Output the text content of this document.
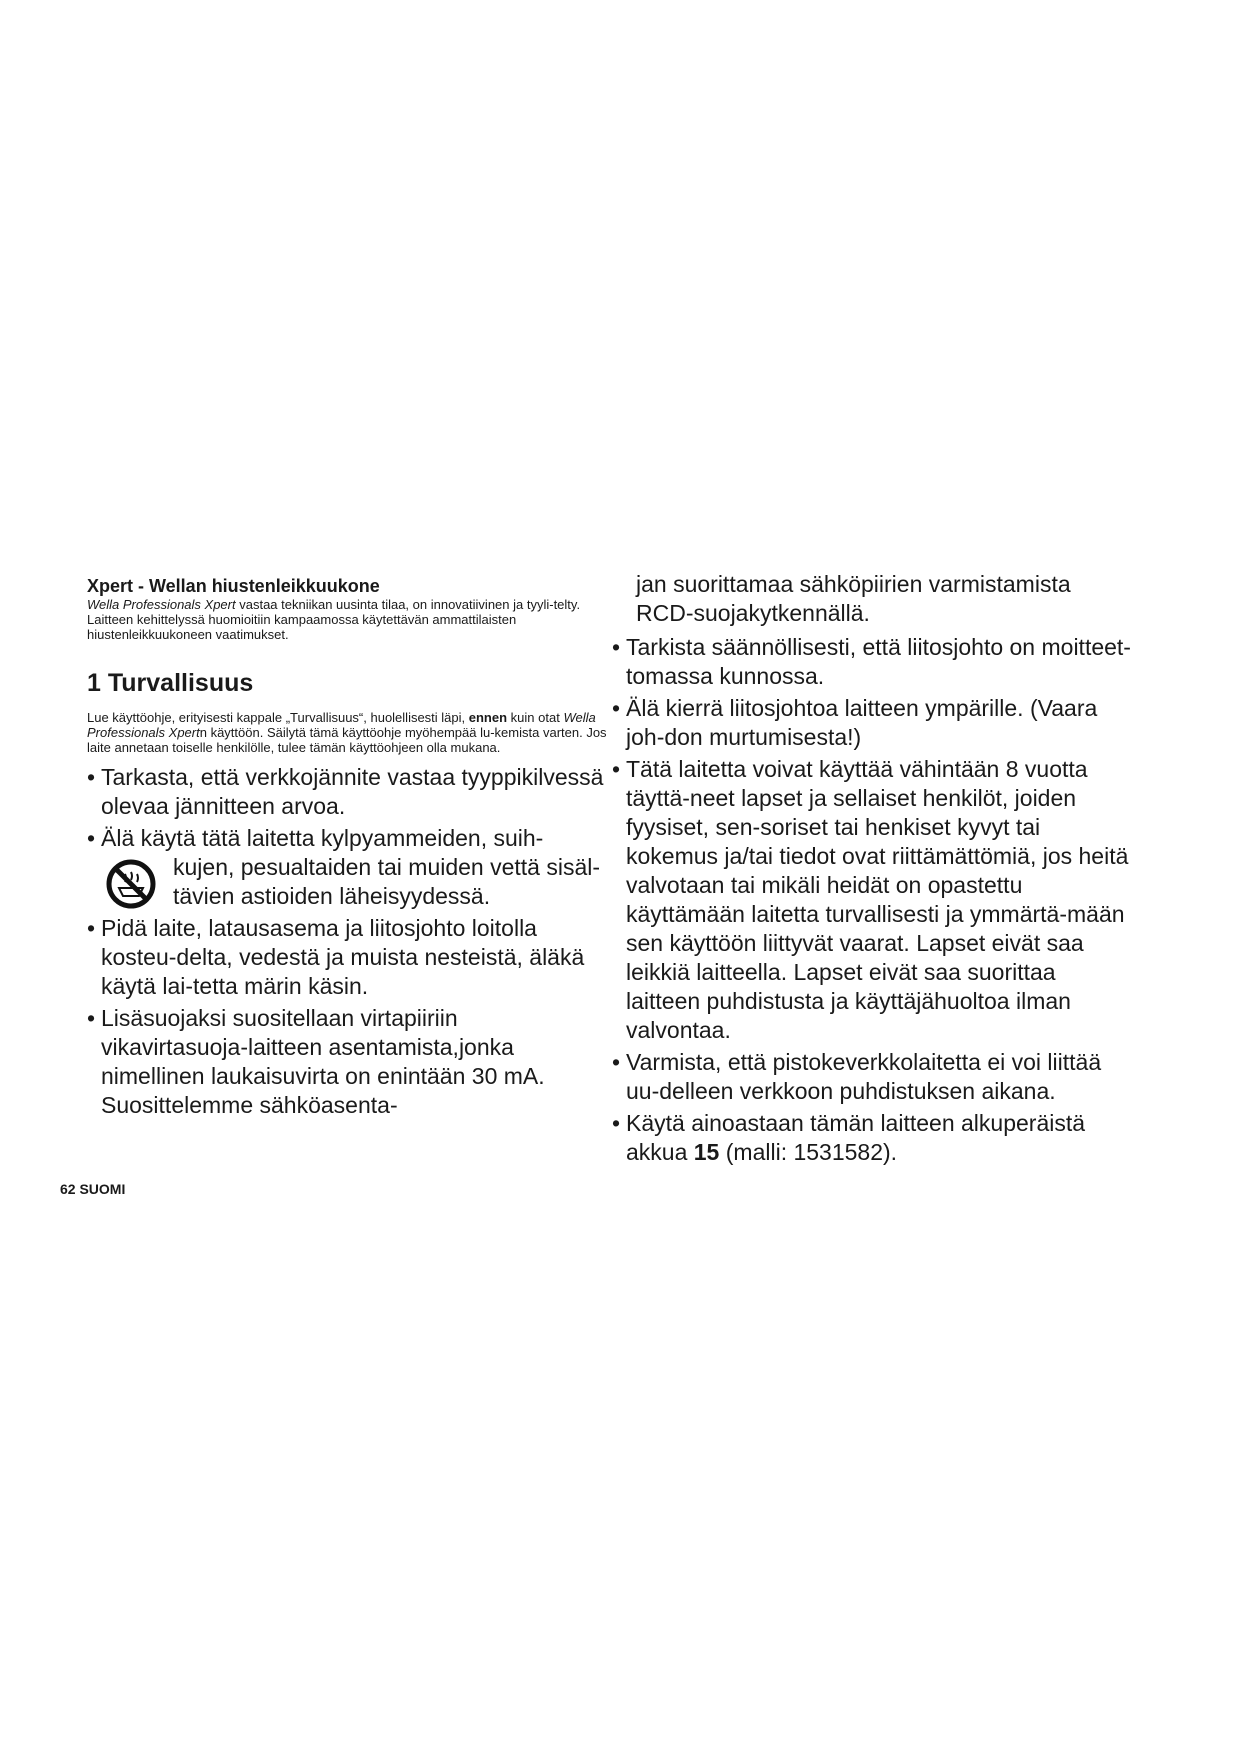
Xpert - Wellan hiustenleikkuukone

Wella Professionals Xpert vastaa tekniikan uusinta tilaa, on innovatiivinen ja tyyli-telty. Laitteen kehittelyssä huomioitiin kampaamossa käytettävän ammattilaisten hiustenleikkuukoneen vaatimukset.

1 Turvallisuus

Lue käyttöohje, erityisesti kappale „Turvallisuus“, huolellisesti läpi, ennen kuin otat Wella Professionals Xpertn käyttöön. Säilytä tämä käyttöohje myöhempää lu-kemista varten. Jos laite annetaan toiselle henkilölle, tulee tämän käyttöohjeen olla mukana.

• Tarkasta, että verkkojännite vastaa tyyppikilvessä olevaa jännitteen arvoa.
• Älä käytä tätä laitetta kylpyammeiden, suih-
kujen, pesualtaiden tai muiden vettä sisäl-tävien astioiden läheisyydessä.
• Pidä laite, latausasema ja liitosjohto loitolla kosteu-delta, vedestä ja muista nesteistä, äläkä käytä lai-tetta märin käsin.
• Lisäsuojaksi suositellaan virtapiiriin vikavirtasuoja-laitteen asentamista,jonka nimellinen laukaisuvirta on enintään 30 mA. Suosittelemme sähköasenta-

jan suorittamaa sähköpiirien varmistamista RCD-suojakytkennällä.

• Tarkista säännöllisesti, että liitosjohto on moitteet-tomassa kunnossa.
• Älä kierrä liitosjohtoa laitteen ympärille. (Vaara joh-don murtumisesta!)
• Tätä laitetta voivat käyttää vähintään 8 vuotta täyttä-neet lapset ja sellaiset henkilöt, joiden fyysiset, sen-soriset tai henkiset kyvyt tai kokemus ja/tai tiedot ovat riittämättömiä, jos heitä valvotaan tai mikäli heidät on opastettu käyttämään laitetta turvallisesti ja ymmärtä-mään sen käyttöön liittyvät vaarat. Lapset eivät saa leikkiä laitteella. Lapset eivät saa suorittaa laitteen puhdistusta ja käyttäjähuoltoa ilman valvontaa.
• Varmista, että pistokeverkkolaitetta ei voi liittää uu-delleen verkkoon puhdistuksen aikana.
• Käytä ainoastaan tämän laitteen alkuperäistä akkua 15 (malli: 1531582).
62 SUOMI
